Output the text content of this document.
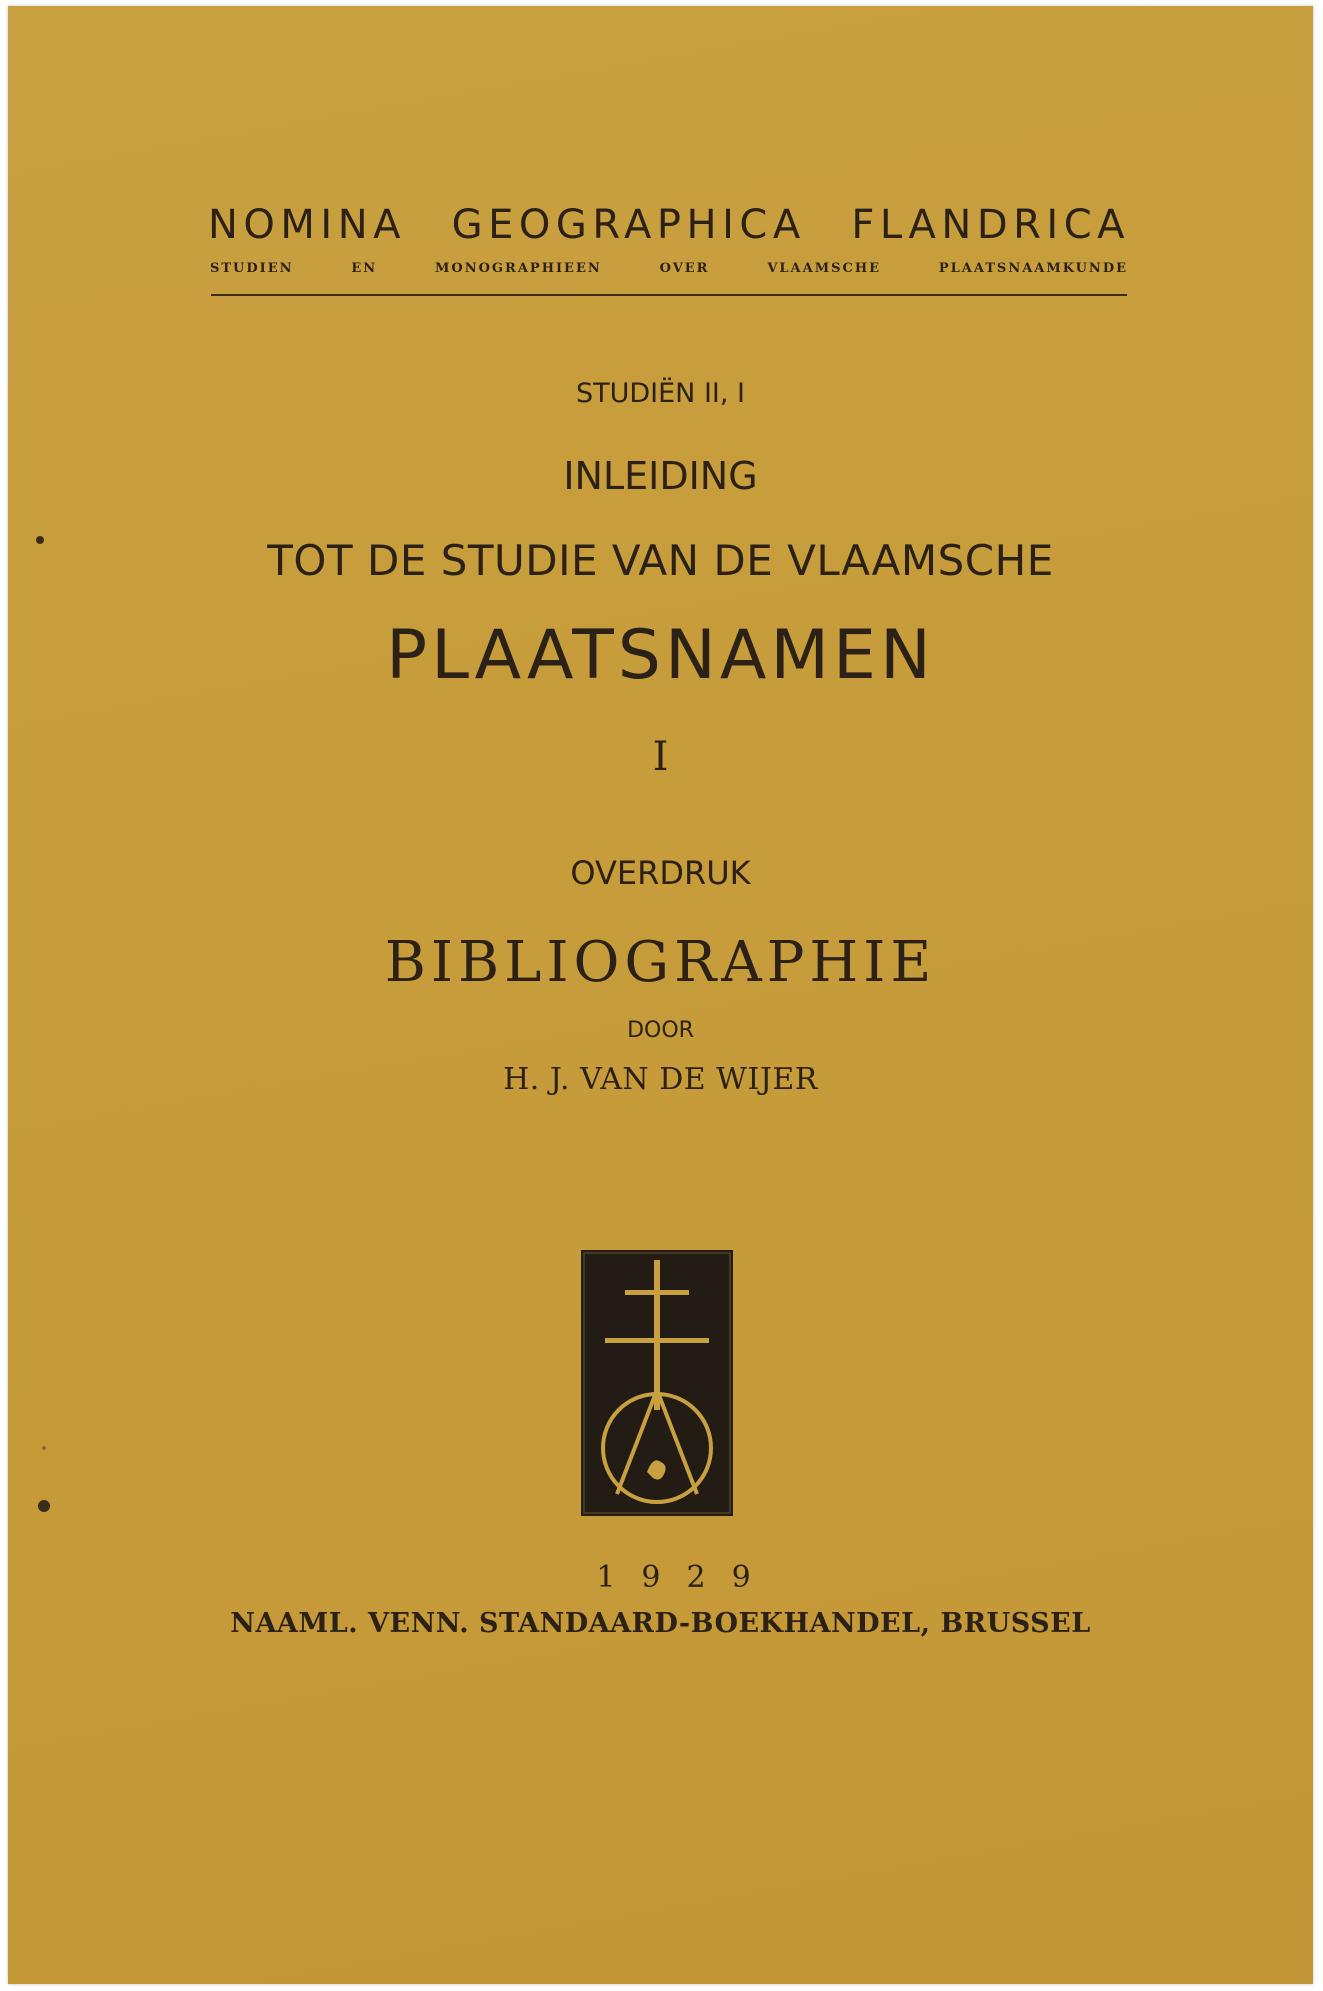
NOMINA GEOGRAPHICA FLANDRICA
STUDIEN EN MONOGRAPHIEEN OVER VLAAMSCHE PLAATSNAAMKUNDE
STUDIËN II, I
INLEIDING
TOT DE STUDIE VAN DE VLAAMSCHE
PLAATSNAMEN
I
OVERDRUK
BIBLIOGRAPHIE
DOOR
H. J. VAN DE WIJER
1929
NAAML. VENN. STANDAARD-BOEKHANDEL, BRUSSEL
